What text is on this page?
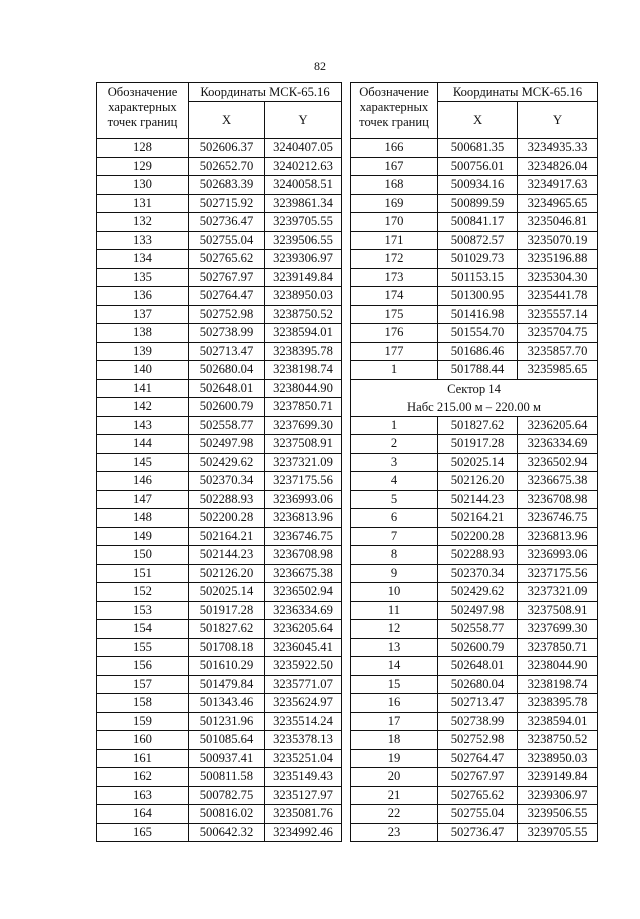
82
Обозначение
характерных
точек границ	Координаты МСК-65.16	
	X	Y
128	502606.37	3240407.05
129	502652.70	3240212.63
130	502683.39	3240058.51
131	502715.92	3239861.34
132	502736.47	3239705.55
133	502755.04	3239506.55
134	502765.62	3239306.97
135	502767.97	3239149.84
136	502764.47	3238950.03
137	502752.98	3238750.52
138	502738.99	3238594.01
139	502713.47	3238395.78
140	502680.04	3238198.74
141	502648.01	3238044.90
142	502600.79	3237850.71
143	502558.77	3237699.30
144	502497.98	3237508.91
145	502429.62	3237321.09
146	502370.34	3237175.56
147	502288.93	3236993.06
148	502200.28	3236813.96
149	502164.21	3236746.75
150	502144.23	3236708.98
151	502126.20	3236675.38
152	502025.14	3236502.94
153	501917.28	3236334.69
154	501827.62	3236205.64
155	501708.18	3236045.41
156	501610.29	3235922.50
157	501479.84	3235771.07
158	501343.46	3235624.97
159	501231.96	3235514.24
160	501085.64	3235378.13
161	500937.41	3235251.04
162	500811.58	3235149.43
163	500782.75	3235127.97
164	500816.02	3235081.76
165	500642.32	3234992.46
Обозначение
характерных
точек границ	Координаты МСК-65.16	
	X	Y
166	500681.35	3234935.33
167	500756.01	3234826.04
168	500934.16	3234917.63
169	500899.59	3234965.65
170	500841.17	3235046.81
171	500872.57	3235070.19
172	501029.73	3235196.88
173	501153.15	3235304.30
174	501300.95	3235441.78
175	501416.98	3235557.14
176	501554.70	3235704.75
177	501686.46	3235857.70
1	501788.44	3235985.65
Сектор 14
Набс 215.00 м – 220.00 м		

1	501827.62	3236205.64
2	501917.28	3236334.69
3	502025.14	3236502.94
4	502126.20	3236675.38
5	502144.23	3236708.98
6	502164.21	3236746.75
7	502200.28	3236813.96
8	502288.93	3236993.06
9	502370.34	3237175.56
10	502429.62	3237321.09
11	502497.98	3237508.91
12	502558.77	3237699.30
13	502600.79	3237850.71
14	502648.01	3238044.90
15	502680.04	3238198.74
16	502713.47	3238395.78
17	502738.99	3238594.01
18	502752.98	3238750.52
19	502764.47	3238950.03
20	502767.97	3239149.84
21	502765.62	3239306.97
22	502755.04	3239506.55
23	502736.47	3239705.55
